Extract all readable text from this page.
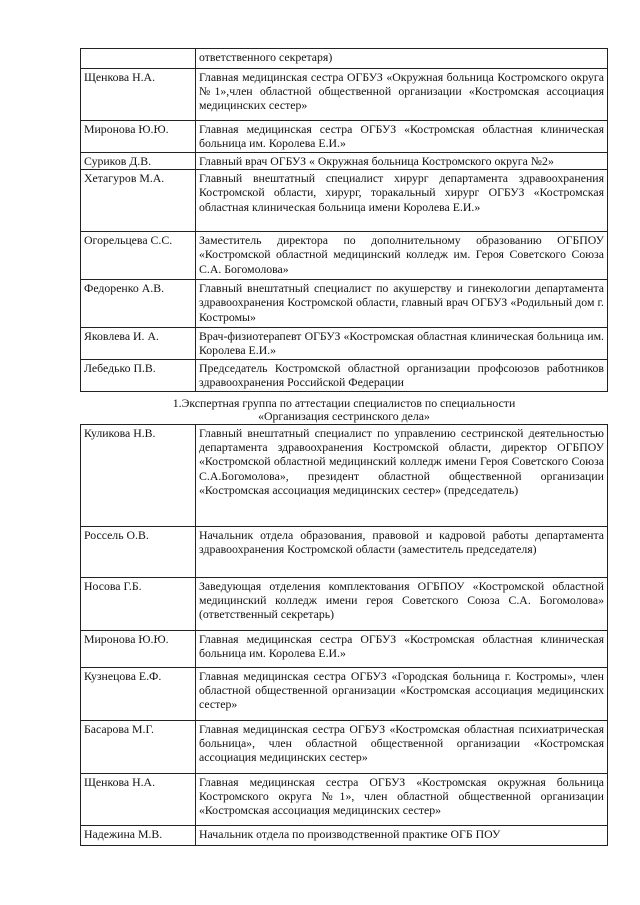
	ответственного секретаря)
Щенкова Н.А.	Главная медицинская сестра ОГБУЗ «Окружная больница Костромского округа №1»,член областной общественной организации «Костромская ассоциация медицинских сестер»
Миронова Ю.Ю.	Главная медицинская сестра ОГБУЗ «Костромская областная клиническая больница им. Королева Е.И.»
Суриков Д.В.	Главный врач ОГБУЗ « Окружная больница Костромского округа №2»
Хетагуров М.А.	Главный внештатный специалист хирург департамента здравоохранения Костромской области, хирург, торакальный хирург ОГБУЗ «Костромская областная клиническая больница имени Королева Е.И.»
Огорельцева С.С.	Заместитель директора по дополнительному образованию ОГБПОУ «Костромской областной медицинский колледж им. Героя Советского Союза С.А. Богомолова»
Федоренко А.В.	Главный внештатный специалист по акушерству и гинекологии департамента здравоохранения Костромской области, главный врач ОГБУЗ «Родильный дом г. Костромы»
Яковлева И. А.	Врач-физиотерапевт ОГБУЗ «Костромская областная клиническая больница им. Королева Е.И.»
Лебедько П.В.	Председатель Костромской областной организации профсоюзов работников здравоохранения Российской Федерации
1.Экспертная группа по аттестации специалистов по специальности
«Организация сестринского дела»
Куликова Н.В.	Главный внештатный специалист по управлению сестринской деятельностью департамента здравоохранения Костромской области, директор ОГБПОУ «Костромской областной медицинский колледж имени Героя Советского Союза С.А.Богомолова», президент областной общественной организации «Костромская ассоциация медицинских сестер» (председатель)
Россель О.В.	Начальник отдела образования, правовой и кадровой работы департамента здравоохранения Костромской области (заместитель председателя)
Носова Г.Б.	Заведующая отделения комплектования ОГБПОУ «Костромской областной медицинский колледж имени героя Советского Союза С.А. Богомолова» (ответственный секретарь)
Миронова Ю.Ю.	Главная медицинская сестра ОГБУЗ «Костромская областная клиническая больница им. Королева Е.И.»
Кузнецова Е.Ф.	Главная медицинская сестра ОГБУЗ «Городская больница г. Костромы», член областной общественной организации «Костромская ассоциация медицинских сестер»
Басарова М.Г.	Главная медицинская сестра ОГБУЗ «Костромская областная психиатрическая больница», член областной общественной организации «Костромская ассоциация медицинских сестер»
Щенкова Н.А.	Главная медицинская сестра ОГБУЗ «Костромская окружная больница Костромского округа №1», член областной общественной организации «Костромская ассоциация медицинских сестер»
Надежина М.В.	Начальник отдела по производственной практике ОГБ ПОУ
